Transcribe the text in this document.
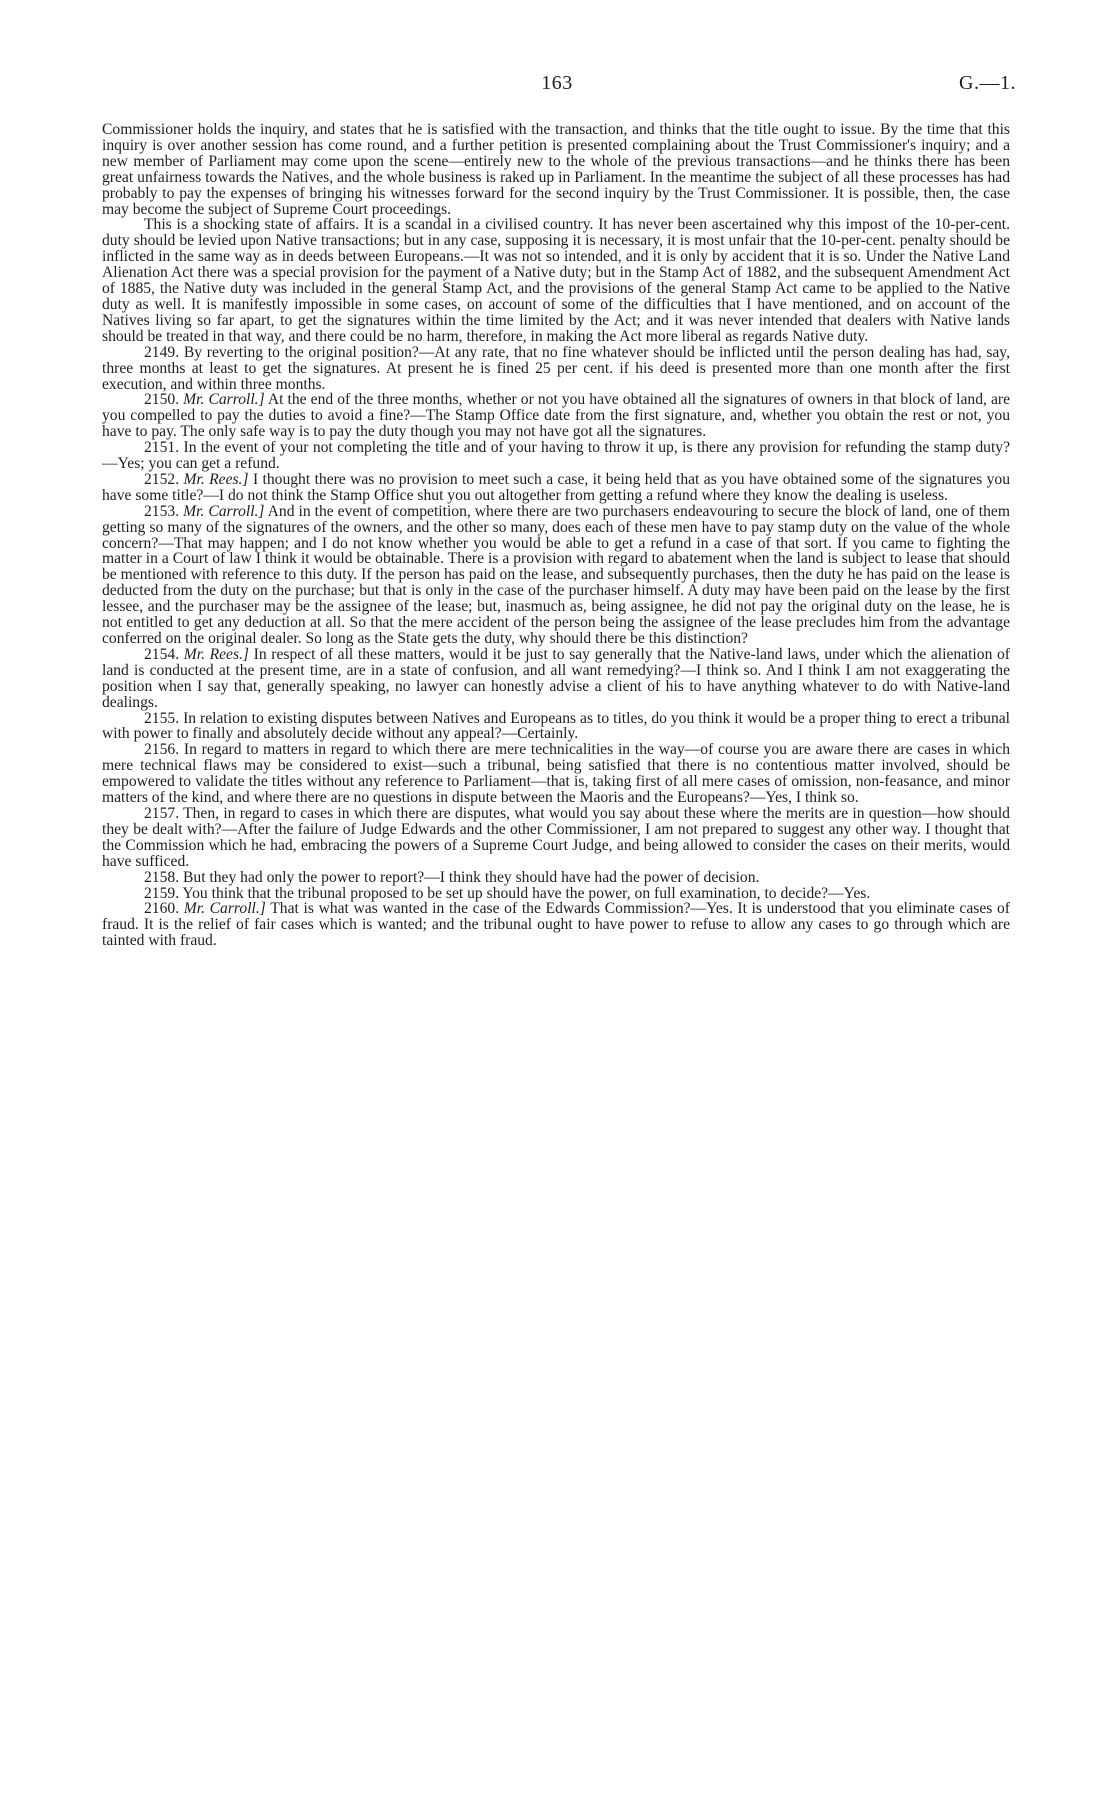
163	G.—1.

Commissioner holds the inquiry, and states that he is satisfied with the transaction, and thinks that the title ought to issue. By the time that this inquiry is over another session has come round, and a further petition is presented complaining about the Trust Commissioner's inquiry; and a new member of Parliament may come upon the scene—entirely new to the whole of the previous transactions—and he thinks there has been great unfairness towards the Natives, and the whole business is raked up in Parliament. In the meantime the subject of all these processes has had probably to pay the expenses of bringing his witnesses forward for the second inquiry by the Trust Commissioner. It is possible, then, the case may become the subject of Supreme Court proceedings.

This is a shocking state of affairs. It is a scandal in a civilised country. It has never been ascertained why this impost of the 10-per-cent. duty should be levied upon Native transactions; but in any case, supposing it is necessary, it is most unfair that the 10-per-cent. penalty should be inflicted in the same way as in deeds between Europeans.—It was not so intended, and it is only by accident that it is so. Under the Native Land Alienation Act there was a special provision for the payment of a Native duty; but in the Stamp Act of 1882, and the subsequent Amendment Act of 1885, the Native duty was included in the general Stamp Act, and the provisions of the general Stamp Act came to be applied to the Native duty as well. It is manifestly impossible in some cases, on account of some of the difficulties that I have mentioned, and on account of the Natives living so far apart, to get the signatures within the time limited by the Act; and it was never intended that dealers with Native lands should be treated in that way, and there could be no harm, therefore, in making the Act more liberal as regards Native duty.

2149. By reverting to the original position?—At any rate, that no fine whatever should be inflicted until the person dealing has had, say, three months at least to get the signatures. At present he is fined 25 per cent. if his deed is presented more than one month after the first execution, and within three months.

2150. Mr. Carroll.] At the end of the three months, whether or not you have obtained all the signatures of owners in that block of land, are you compelled to pay the duties to avoid a fine?—The Stamp Office date from the first signature, and, whether you obtain the rest or not, you have to pay. The only safe way is to pay the duty though you may not have got all the signatures.

2151. In the event of your not completing the title and of your having to throw it up, is there any provision for refunding the stamp duty?—Yes; you can get a refund.

2152. Mr. Rees.] I thought there was no provision to meet such a case, it being held that as you have obtained some of the signatures you have some title?—I do not think the Stamp Office shut you out altogether from getting a refund where they know the dealing is useless.

2153. Mr. Carroll.] And in the event of competition, where there are two purchasers endeavouring to secure the block of land, one of them getting so many of the signatures of the owners, and the other so many, does each of these men have to pay stamp duty on the value of the whole concern?—That may happen; and I do not know whether you would be able to get a refund in a case of that sort. If you came to fighting the matter in a Court of law I think it would be obtainable. There is a provision with regard to abatement when the land is subject to lease that should be mentioned with reference to this duty. If the person has paid on the lease, and subsequently purchases, then the duty he has paid on the lease is deducted from the duty on the purchase; but that is only in the case of the purchaser himself. A duty may have been paid on the lease by the first lessee, and the purchaser may be the assignee of the lease; but, inasmuch as, being assignee, he did not pay the original duty on the lease, he is not entitled to get any deduction at all. So that the mere accident of the person being the assignee of the lease precludes him from the advantage conferred on the original dealer. So long as the State gets the duty, why should there be this distinction?

2154. Mr. Rees.] In respect of all these matters, would it be just to say generally that the Native-land laws, under which the alienation of land is conducted at the present time, are in a state of confusion, and all want remedying?—I think so. And I think I am not exaggerating the position when I say that, generally speaking, no lawyer can honestly advise a client of his to have anything whatever to do with Native-land dealings.

2155. In relation to existing disputes between Natives and Europeans as to titles, do you think it would be a proper thing to erect a tribunal with power to finally and absolutely decide without any appeal?—Certainly.

2156. In regard to matters in regard to which there are mere technicalities in the way—of course you are aware there are cases in which mere technical flaws may be considered to exist—such a tribunal, being satisfied that there is no contentious matter involved, should be empowered to validate the titles without any reference to Parliament—that is, taking first of all mere cases of omission, non-feasance, and minor matters of the kind, and where there are no questions in dispute between the Maoris and the Europeans?—Yes, I think so.

2157. Then, in regard to cases in which there are disputes, what would you say about these where the merits are in question—how should they be dealt with?—After the failure of Judge Edwards and the other Commissioner, I am not prepared to suggest any other way. I thought that the Commission which he had, embracing the powers of a Supreme Court Judge, and being allowed to consider the cases on their merits, would have sufficed.

2158. But they had only the power to report?—I think they should have had the power of decision.

2159. You think that the tribunal proposed to be set up should have the power, on full examination, to decide?—Yes.

2160. Mr. Carroll.] That is what was wanted in the case of the Edwards Commission?—Yes. It is understood that you eliminate cases of fraud. It is the relief of fair cases which is wanted; and the tribunal ought to have power to refuse to allow any cases to go through which are tainted with fraud.
